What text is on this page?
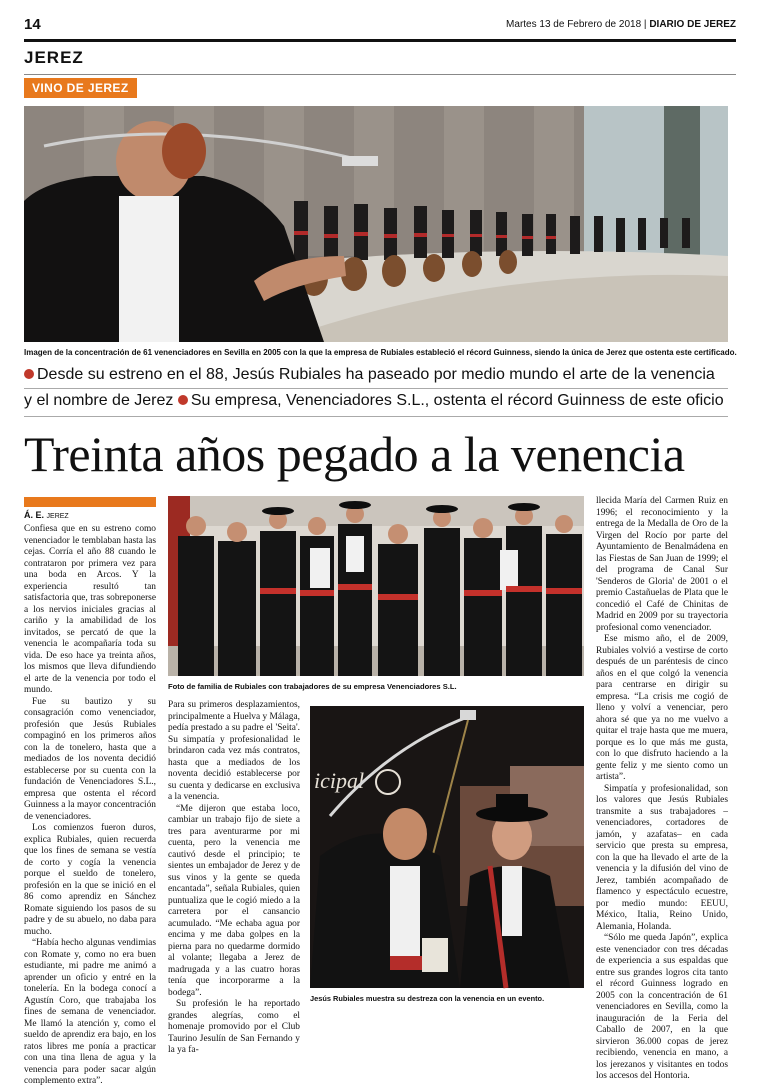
14	Martes 13 de Febrero de 2018 | DIARIO DE JEREZ
JEREZ
VINO DE JEREZ
Imagen de la concentración de 61 venenciadores en Sevilla en 2005 con la que la empresa de Rubiales estableció el récord Guinness, siendo la única de Jerez que ostenta este certificado.
Desde su estreno en el 88, Jesús Rubiales ha paseado por medio mundo el arte de la venencia
y el nombre de Jerez Su empresa, Venenciadores S.L., ostenta el récord Guinness de este oficio
Treinta años pegado a la venencia
Á. E. JEREZ

Confiesa que en su estreno como venenciador le temblaban hasta las cejas. Corría el año 88 cuando le contrataron por primera vez para una boda en Arcos. Y la experiencia resultó tan satisfactoria que, tras sobreponerse a los nervios iniciales gracias al cariño y la amabilidad de los invitados, se percató de que la venencia le acompañaría toda su vida. De eso hace ya treinta años, los mismos que lleva difundiendo el arte de la venencia por todo el mundo.

Fue su bautizo y su consagración como venenciador, profesión que Jesús Rubiales compaginó en los primeros años con la de tonelero, hasta que a mediados de los noventa decidió establecerse por su cuenta con la fundación de Venenciadores S.L., empresa que ostenta el récord Guinness a la mayor concentración de venenciadores.

Los comienzos fueron duros, explica Rubiales, quien recuerda que los fines de semana se vestía de corto y cogía la venencia porque el sueldo de tonelero, profesión en la que se inició en el 86 como aprendiz en Sánchez Romate siguiendo los pasos de su padre y de su abuelo, no daba para mucho.

“Había hecho algunas vendimias con Romate y, como no era buen estudiante, mi padre me animó a aprender un oficio y entré en la tonelería. En la bodega conocí a Agustín Coro, que trabajaba los fines de semana de venenciador. Me llamó la atención y, como el sueldo de aprendiz era bajo, en los ratos libres me ponía a practicar con una tina llena de agua y la venencia para poder sacar algún complemento extra”.

Foto de familia de Rubiales con trabajadores de su empresa Venenciadores S.L.

Para su primeros desplazamientos, principalmente a Huelva y Málaga, pedía prestado a su padre el 'Seita'. Su simpatía y profesionalidad le brindaron cada vez más contratos, hasta que a mediados de los noventa decidió establecerse por su cuenta y dedicarse en exclusiva a la venencia.

“Me dijeron que estaba loco, cambiar un trabajo fijo de siete a tres para aventurarme por mi cuenta, pero la venencia me cautivó desde el principio; te sientes un embajador de Jerez y de sus vinos y la gente se queda encantada”, señala Rubiales, quien puntualiza que le cogió miedo a la carretera por el cansancio acumulado. “Me echaba agua por encima y me daba golpes en la pierna para no quedarme dormido al volante; llegaba a Jerez de madrugada y a las cuatro horas tenía que incorporarme a la bodega”.

Su profesión le ha reportado grandes alegrías, como el homenaje promovido por el Club Taurino Jesulín de San Fernando y la ya fa-

icipal
Jesús Rubiales muestra su destreza con la venencia en un evento.

llecida María del Carmen Ruiz en 1996; el reconocimiento y la entrega de la Medalla de Oro de la Virgen del Rocío por parte del Ayuntamiento de Benalmádena en las Fiestas de San Juan de 1999; el del programa de Canal Sur 'Senderos de Gloria' de 2001 o el premio Castañuelas de Plata que le concedió el Café de Chinitas de Madrid en 2009 por su trayectoria profesional como venenciador.

Ese mismo año, el de 2009, Rubiales volvió a vestirse de corto después de un paréntesis de cinco años en el que colgó la venencia para centrarse en dirigir su empresa. “La crisis me cogió de lleno y volví a venenciar, pero ahora sé que ya no me vuelvo a quitar el traje hasta que me muera, porque es lo que más me gusta, con lo que disfruto haciendo a la gente feliz y me siento como un artista”.

Simpatía y profesionalidad, son los valores que Jesús Rubiales transmite a sus trabajadores –venenciadores, cortadores de jamón, y azafatas– en cada servicio que presta su empresa, con la que ha llevado el arte de la venencia y la difusión del vino de Jerez, también acompañado de flamenco y espectáculo ecuestre, por medio mundo: EEUU, México, Italia, Reino Unido, Alemania, Holanda.

“Sólo me queda Japón”, explica este venenciador con tres décadas de experiencia a sus espaldas que entre sus grandes logros cita tanto el récord Guinness logrado en 2005 con la concentración de 61 venenciadores en Sevilla, como la inauguración de la Feria del Caballo de 2007, en la que sirvieron 36.000 copas de jerez recibiendo, venencia en mano, a los jerezanos y visitantes en todos los accesos del Hontoria.
